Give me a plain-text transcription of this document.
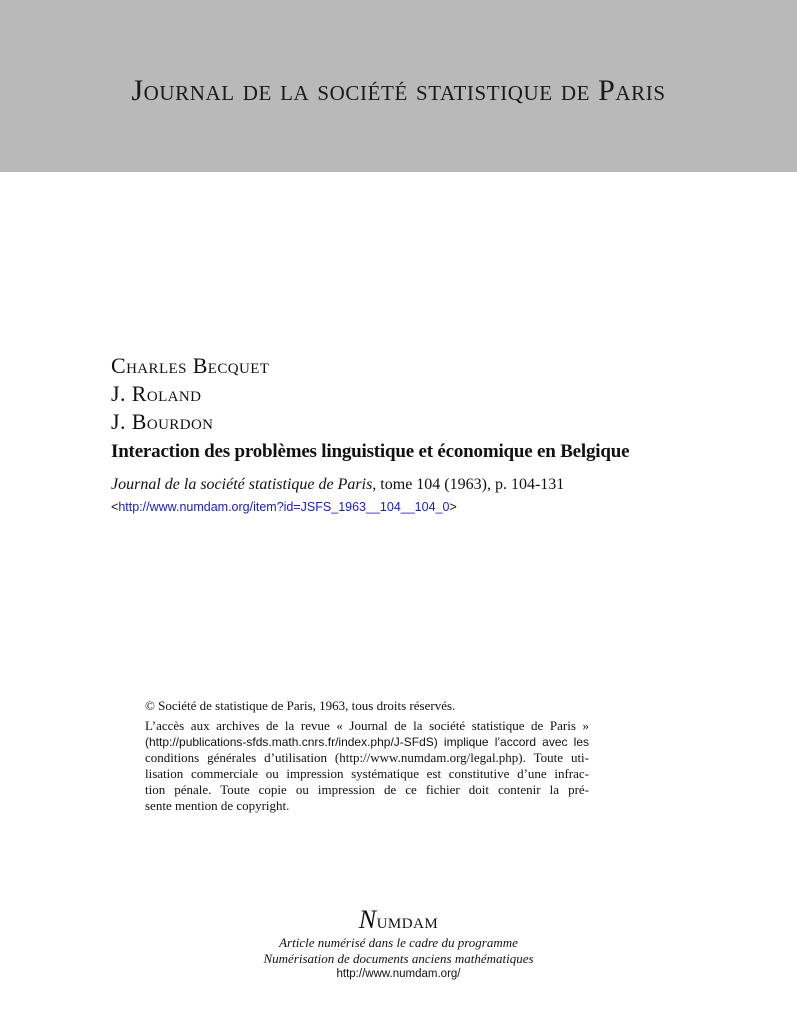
Journal de la société statistique de Paris
Charles Becquet
J. Roland
J. Bourdon
Interaction des problèmes linguistique et économique en Belgique
Journal de la société statistique de Paris, tome 104 (1963), p. 104-131
<http://www.numdam.org/item?id=JSFS_1963__104__104_0>
© Société de statistique de Paris, 1963, tous droits réservés.
L’accès aux archives de la revue « Journal de la société statistique de Paris »
(http://publications-sfds.math.cnrs.fr/index.php/J-SFdS) implique l’accord avec les
conditions générales d’utilisation (http://www.numdam.org/legal.php). Toute uti-
lisation commerciale ou impression systématique est constitutive d’une infrac-
tion pénale. Toute copie ou impression de ce fichier doit contenir la pré-
sente mention de copyright.
Numdam
Article numérisé dans le cadre du programme
Numérisation de documents anciens mathématiques
http://www.numdam.org/
